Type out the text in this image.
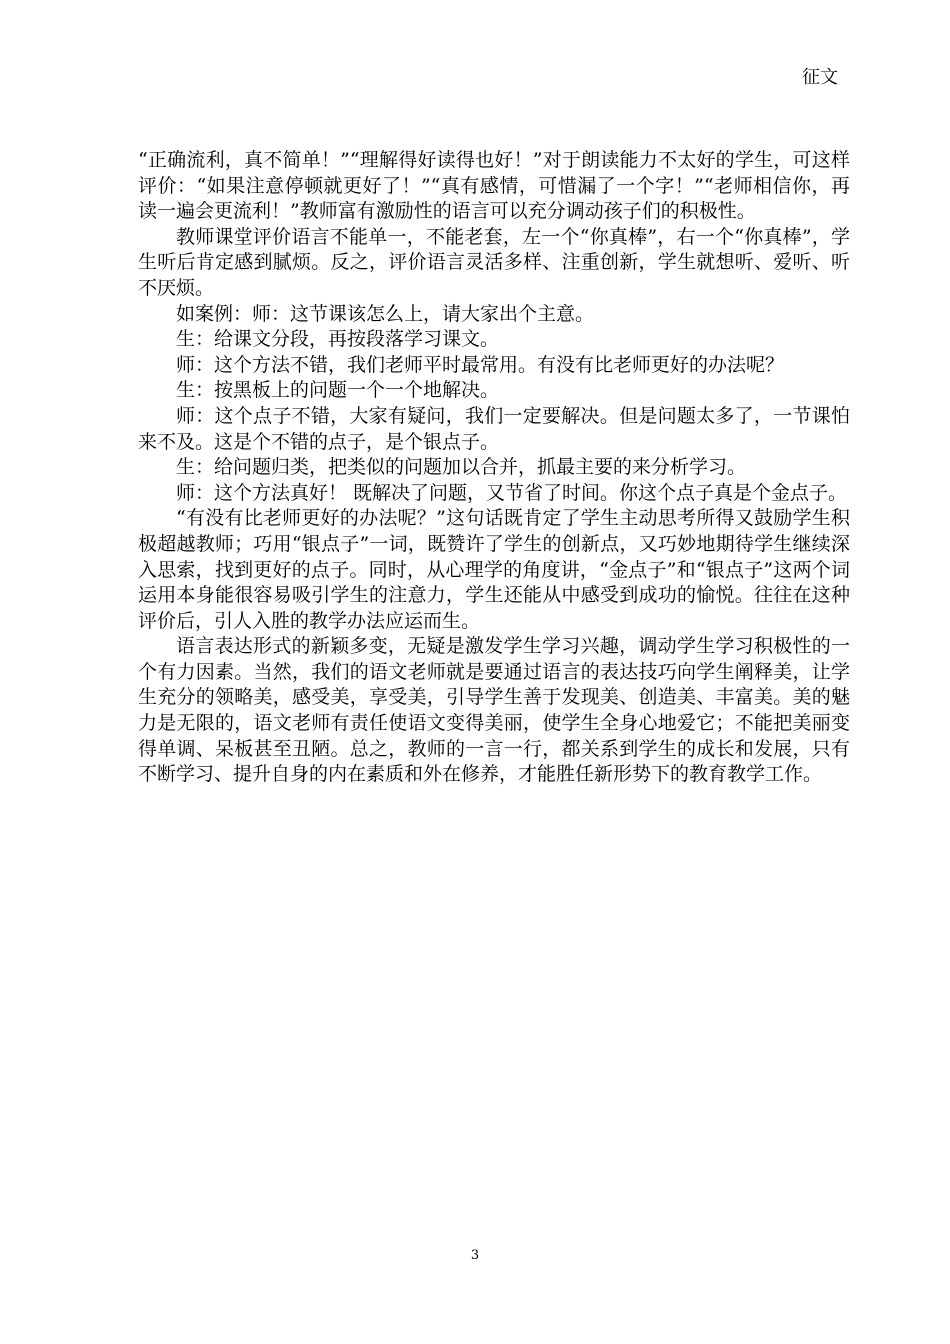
征文

“正确流利，真不简单！”“理解得好读得也好！”对于朗读能力不太好的学生，可这样评价：“如果注意停顿就更好了！”“真有感情，可惜漏了一个字！”“老师相信你，再读一遍会更流利！”教师富有激励性的语言可以充分调动孩子们的积极性。

教师课堂评价语言不能单一，不能老套，左一个“你真棒”，右一个“你真棒”，学生听后肯定感到腻烦。反之，评价语言灵活多样、注重创新，学生就想听、爱听、听不厌烦。

如案例：师：这节课该怎么上，请大家出个主意。

生：给课文分段，再按段落学习课文。

师：这个方法不错，我们老师平时最常用。有没有比老师更好的办法呢？

生：按黑板上的问题一个一个地解决。

师：这个点子不错，大家有疑问，我们一定要解决。但是问题太多了，一节课怕来不及。这是个不错的点子，是个银点子。

生：给问题归类，把类似的问题加以合并，抓最主要的来分析学习。

师：这个方法真好！ 既解决了问题，又节省了时间。你这个点子真是个金点子。

“有没有比老师更好的办法呢？”这句话既肯定了学生主动思考所得又鼓励学生积极超越教师；巧用“银点子”一词，既赞许了学生的创新点，又巧妙地期待学生继续深入思索，找到更好的点子。同时，从心理学的角度讲，“金点子”和“银点子”这两个词运用本身能很容易吸引学生的注意力，学生还能从中感受到成功的愉悦。往往在这种评价后，引人入胜的教学办法应运而生。

语言表达形式的新颖多变，无疑是激发学生学习兴趣，调动学生学习积极性的一个有力因素。当然，我们的语文老师就是要通过语言的表达技巧向学生阐释美，让学生充分的领略美，感受美，享受美，引导学生善于发现美、创造美、丰富美。美的魅力是无限的，语文老师有责任使语文变得美丽，使学生全身心地爱它；不能把美丽变得单调、呆板甚至丑陋。总之，教师的一言一行，都关系到学生的成长和发展，只有不断学习、提升自身的内在素质和外在修养，才能胜任新形势下的教育教学工作。

3
